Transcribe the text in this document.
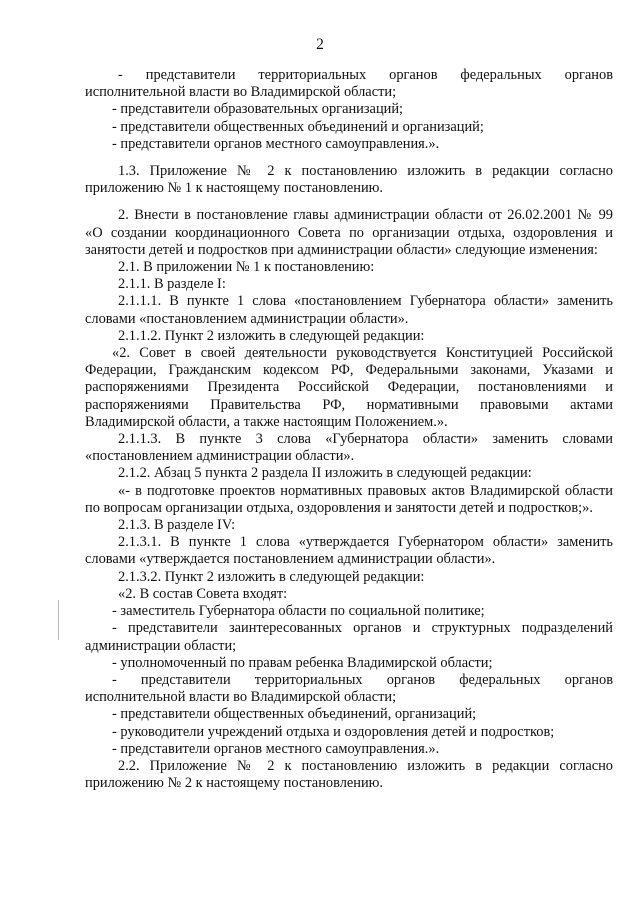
2

- представители территориальных органов федеральных органов исполнительной власти во Владимирской области;

- представители образовательных организаций;

- представители общественных объединений и организаций;

- представители органов местного самоуправления.».

1.3. Приложение № 2 к постановлению изложить в редакции согласно приложению № 1 к настоящему постановлению.

2. Внести в постановление главы администрации области от 26.02.2001 № 99 «О создании координационного Совета по организации отдыха, оздоровления и занятости детей и подростков при администрации области» следующие изменения:

2.1. В приложении № 1 к постановлению:

2.1.1. В разделе I:

2.1.1.1. В пункте 1 слова «постановлением Губернатора области» заменить словами «постановлением администрации области».

2.1.1.2. Пункт 2 изложить в следующей редакции:

«2. Совет в своей деятельности руководствуется Конституцией Российской Федерации, Гражданским кодексом РФ, Федеральными законами, Указами и распоряжениями Президента Российской Федерации, постановлениями и распоряжениями Правительства РФ, нормативными правовыми актами Владимирской области, а также настоящим Положением.».

2.1.1.3. В пункте 3 слова «Губернатора области» заменить словами «постановлением администрации области».

2.1.2. Абзац 5 пункта 2 раздела II изложить в следующей редакции:

«- в подготовке проектов нормативных правовых актов Владимирской области по вопросам организации отдыха, оздоровления и занятости детей и подростков;».

2.1.3. В разделе IV:

2.1.3.1. В пункте 1 слова «утверждается Губернатором области» заменить словами «утверждается постановлением администрации области».

2.1.3.2. Пункт 2 изложить в следующей редакции:

«2. В состав Совета входят:

- заместитель Губернатора области по социальной политике;

- представители заинтересованных органов и структурных подразделений администрации области;

- уполномоченный по правам ребенка Владимирской области;

- представители территориальных органов федеральных органов исполнительной власти во Владимирской области;

- представители общественных объединений, организаций;

- руководители учреждений отдыха и оздоровления детей и подростков;

- представители органов местного самоуправления.».

2.2. Приложение № 2 к постановлению изложить в редакции согласно приложению № 2 к настоящему постановлению.
